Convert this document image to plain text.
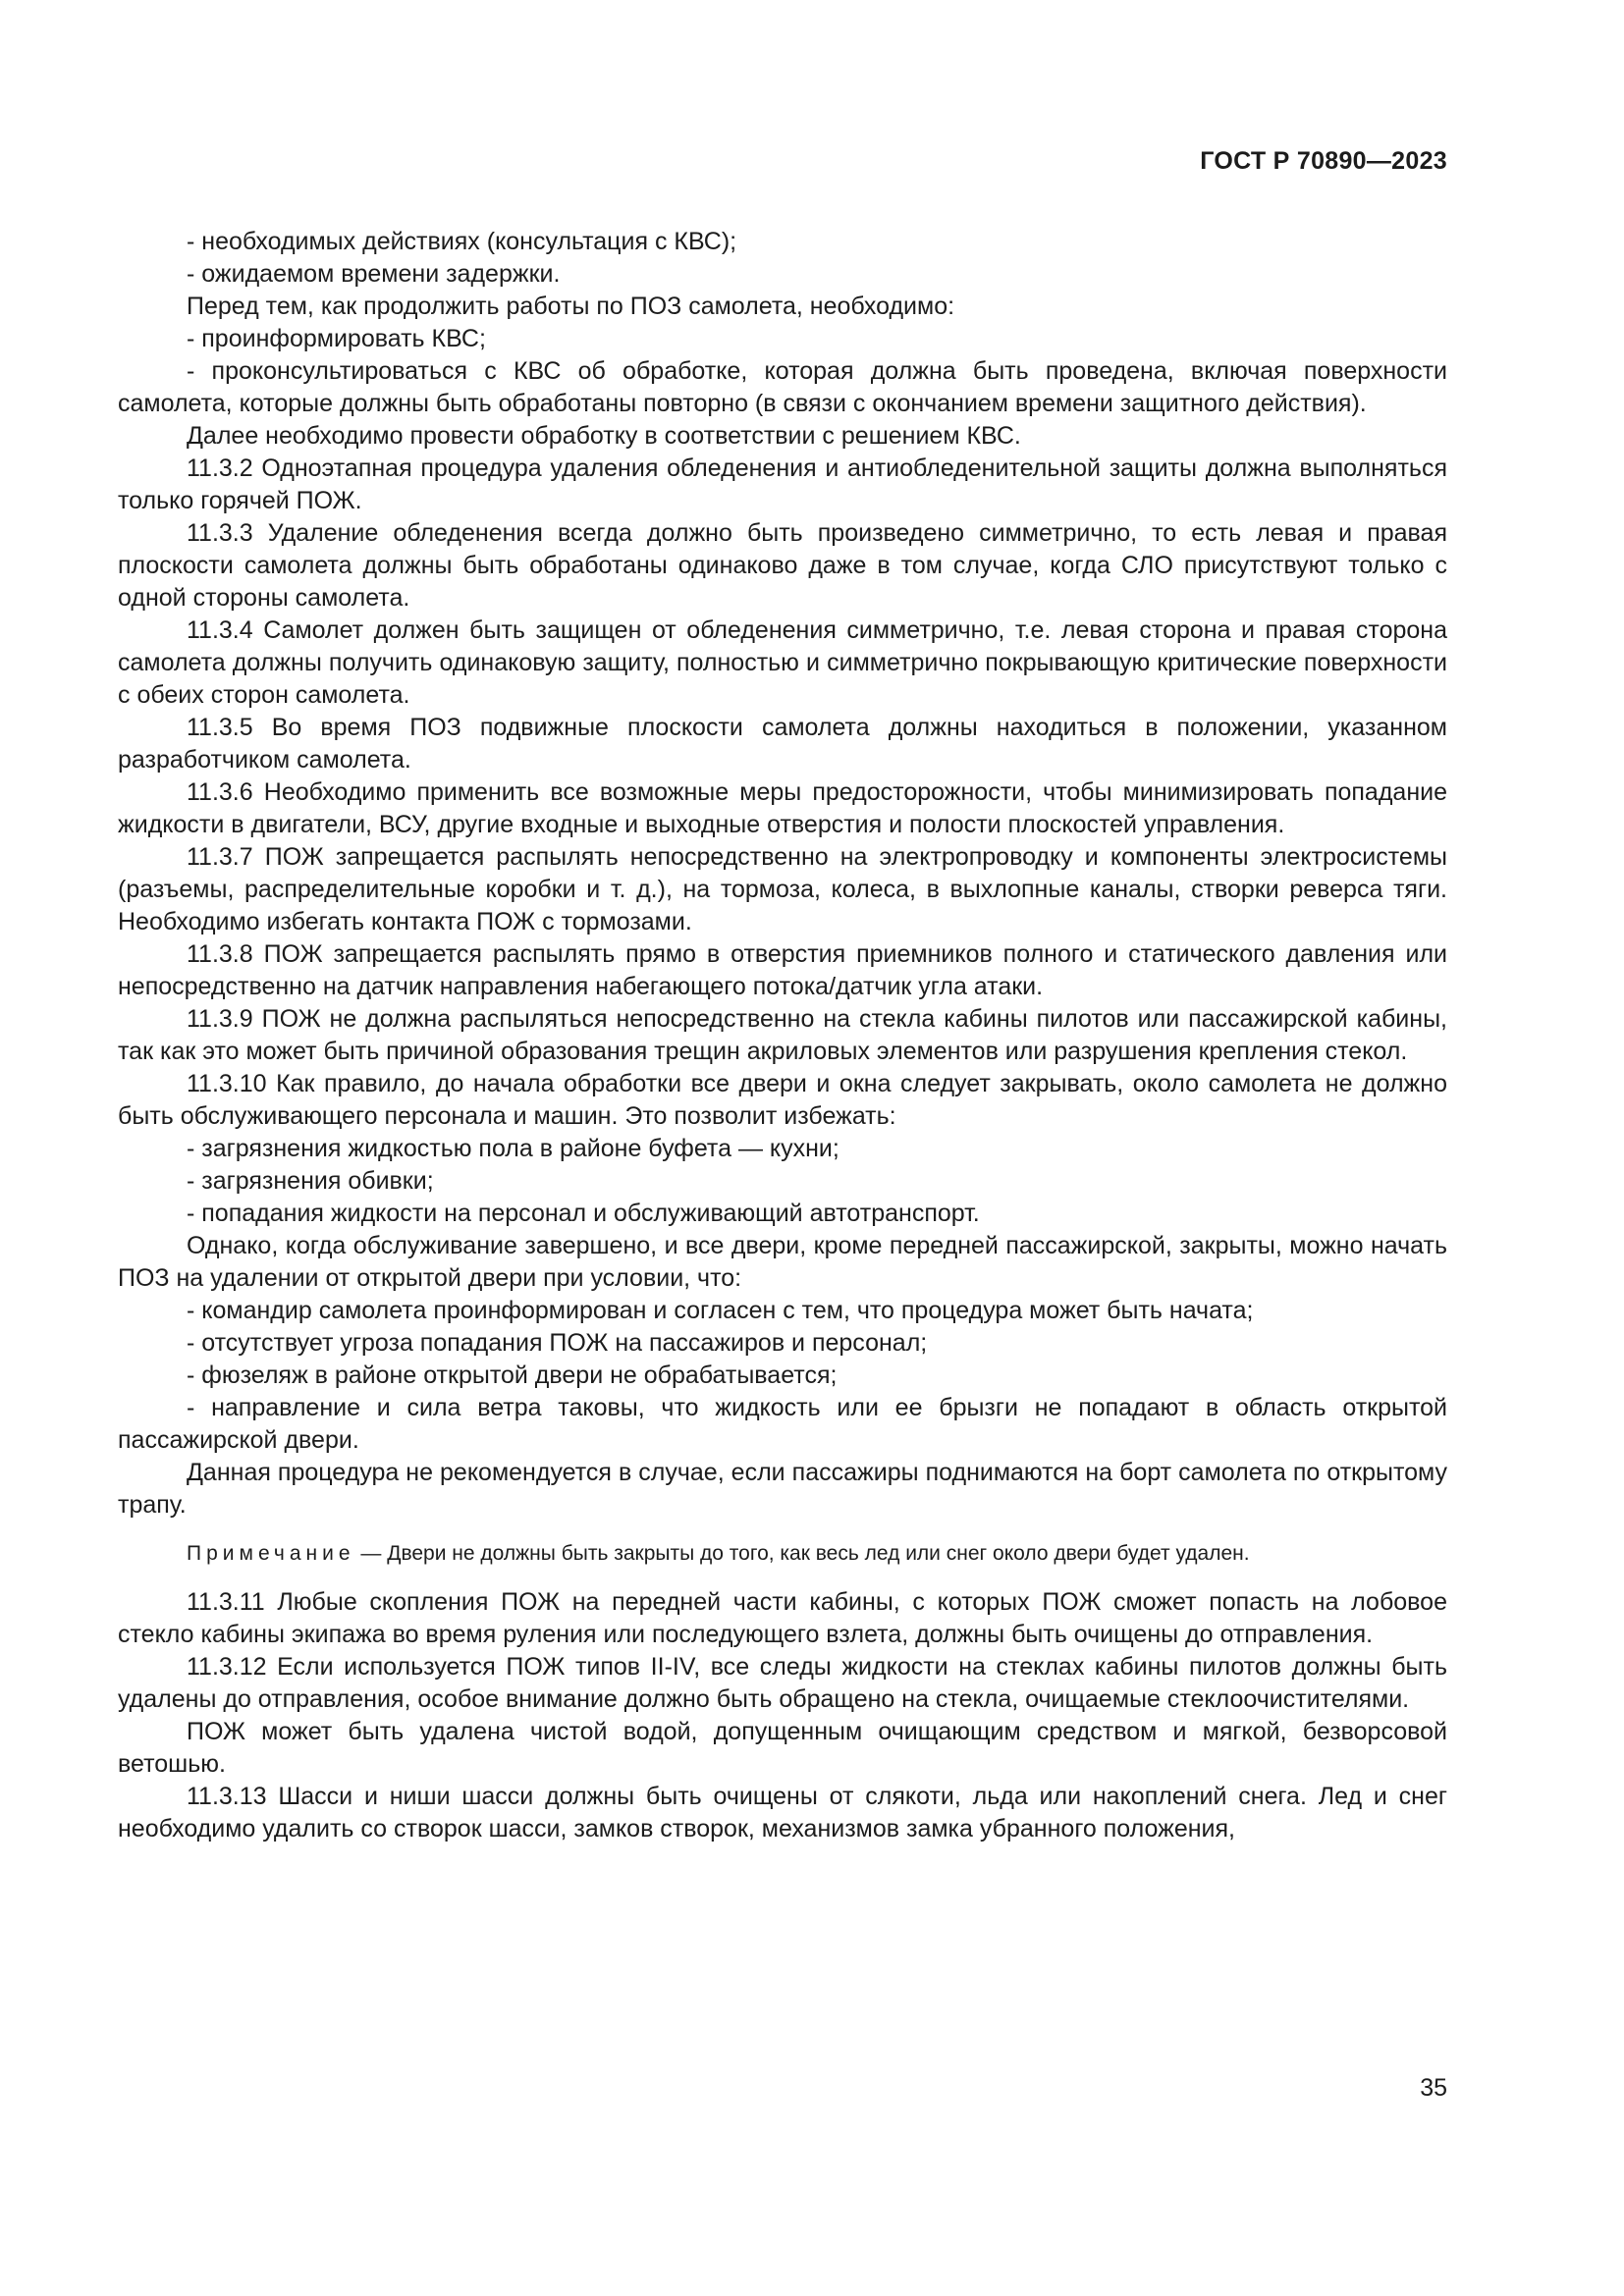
ГОСТ Р 70890—2023

- необходимых действиях (консультация с КВС);

- ожидаемом времени задержки.

Перед тем, как продолжить работы по ПОЗ самолета, необходимо:

- проинформировать КВС;

- проконсультироваться с КВС об обработке, которая должна быть проведена, включая поверхности самолета, которые должны быть обработаны повторно (в связи с окончанием времени защитного действия).

Далее необходимо провести обработку в соответствии с решением КВС.

11.3.2 Одноэтапная процедура удаления обледенения и антиобледенительной защиты должна выполняться только горячей ПОЖ.

11.3.3 Удаление обледенения всегда должно быть произведено симметрично, то есть левая и правая плоскости самолета должны быть обработаны одинаково даже в том случае, когда СЛО присутствуют только с одной стороны самолета.

11.3.4 Самолет должен быть защищен от обледенения симметрично, т.е. левая сторона и правая сторона самолета должны получить одинаковую защиту, полностью и симметрично покрывающую критические поверхности с обеих сторон самолета.

11.3.5 Во время ПОЗ подвижные плоскости самолета должны находиться в положении, указанном разработчиком самолета.

11.3.6 Необходимо применить все возможные меры предосторожности, чтобы минимизировать попадание жидкости в двигатели, ВСУ, другие входные и выходные отверстия и полости плоскостей управления.

11.3.7 ПОЖ запрещается распылять непосредственно на электропроводку и компоненты электросистемы (разъемы, распределительные коробки и т. д.), на тормоза, колеса, в выхлопные каналы, створки реверса тяги. Необходимо избегать контакта ПОЖ с тормозами.

11.3.8 ПОЖ запрещается распылять прямо в отверстия приемников полного и статического давления или непосредственно на датчик направления набегающего потока/датчик угла атаки.

11.3.9 ПОЖ не должна распыляться непосредственно на стекла кабины пилотов или пассажирской кабины, так как это может быть причиной образования трещин акриловых элементов или разрушения крепления стекол.

11.3.10 Как правило, до начала обработки все двери и окна следует закрывать, около самолета не должно быть обслуживающего персонала и машин. Это позволит избежать:

- загрязнения жидкостью пола в районе буфета — кухни;

- загрязнения обивки;

- попадания жидкости на персонал и обслуживающий автотранспорт.

Однако, когда обслуживание завершено, и все двери, кроме передней пассажирской, закрыты, можно начать ПОЗ на удалении от открытой двери при условии, что:

- командир самолета проинформирован и согласен с тем, что процедура может быть начата;

- отсутствует угроза попадания ПОЖ на пассажиров и персонал;

- фюзеляж в районе открытой двери не обрабатывается;

- направление и сила ветра таковы, что жидкость или ее брызги не попадают в область открытой пассажирской двери.

Данная процедура не рекомендуется в случае, если пассажиры поднимаются на борт самолета по открытому трапу.

Примечание — Двери не должны быть закрыты до того, как весь лед или снег около двери будет удален.

11.3.11 Любые скопления ПОЖ на передней части кабины, с которых ПОЖ сможет попасть на лобовое стекло кабины экипажа во время руления или последующего взлета, должны быть очищены до отправления.

11.3.12 Если используется ПОЖ типов II-IV, все следы жидкости на стеклах кабины пилотов должны быть удалены до отправления, особое внимание должно быть обращено на стекла, очищаемые стеклоочистителями.

ПОЖ может быть удалена чистой водой, допущенным очищающим средством и мягкой, безворсовой ветошью.

11.3.13 Шасси и ниши шасси должны быть очищены от слякоти, льда или накоплений снега. Лед и снег необходимо удалить со створок шасси, замков створок, механизмов замка убранного положения,

35
